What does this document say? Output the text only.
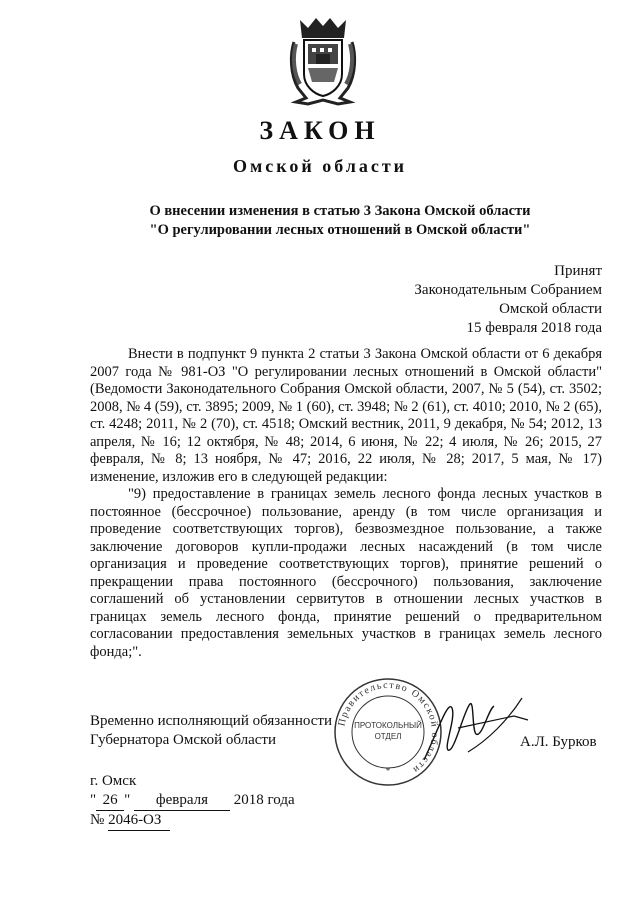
ЗАКОН
Омской области
О внесении изменения в статью 3 Закона Омской области
"О регулировании лесных отношений в Омской области"
Принят
Законодательным Собранием
Омской области
15 февраля 2018 года

Внести в подпункт 9 пункта 2 статьи 3 Закона Омской области от 6 декабря 2007 года № 981-ОЗ "О регулировании лесных отношений в Омской области" (Ведомости Законодательного Собрания Омской области, 2007, № 5 (54), ст. 3502; 2008, № 4 (59), ст. 3895; 2009, № 1 (60), ст. 3948; № 2 (61), ст. 4010; 2010, № 2 (65), ст. 4248; 2011, № 2 (70), ст. 4518; Омский вестник, 2011, 9 декабря, № 54; 2012, 13 апреля, № 16; 12 октября, № 48; 2014, 6 июня, № 22; 4 июля, № 26; 2015, 27 февраля, № 8; 13 ноября, № 47; 2016, 22 июля, № 28; 2017, 5 мая, № 17) изменение, изложив его в следующей редакции:

"9) предоставление в границах земель лесного фонда лесных участков в постоянное (бессрочное) пользование, аренду (в том числе организация и проведение соответствующих торгов), безвозмездное пользование, а также заключение договоров купли-продажи лесных насаждений (в том числе организация и проведение соответствующих торгов), принятие решений о прекращении права постоянного (бессрочного) пользования, заключение соглашений об установлении сервитутов в отношении лесных участков в границах земель лесного фонда, принятие решений о предварительном согласовании предоставления земельных участков в границах земель лесного фонда;".

Временно исполняющий обязанности
Губернатора Омской области
Правительство Омской области
ПРОТОКОЛЬНЫЙ
ОТДЕЛ
*
А.Л. Бурков
г. Омск
" 26 " февраля 2018 года
№ 2046-ОЗ
